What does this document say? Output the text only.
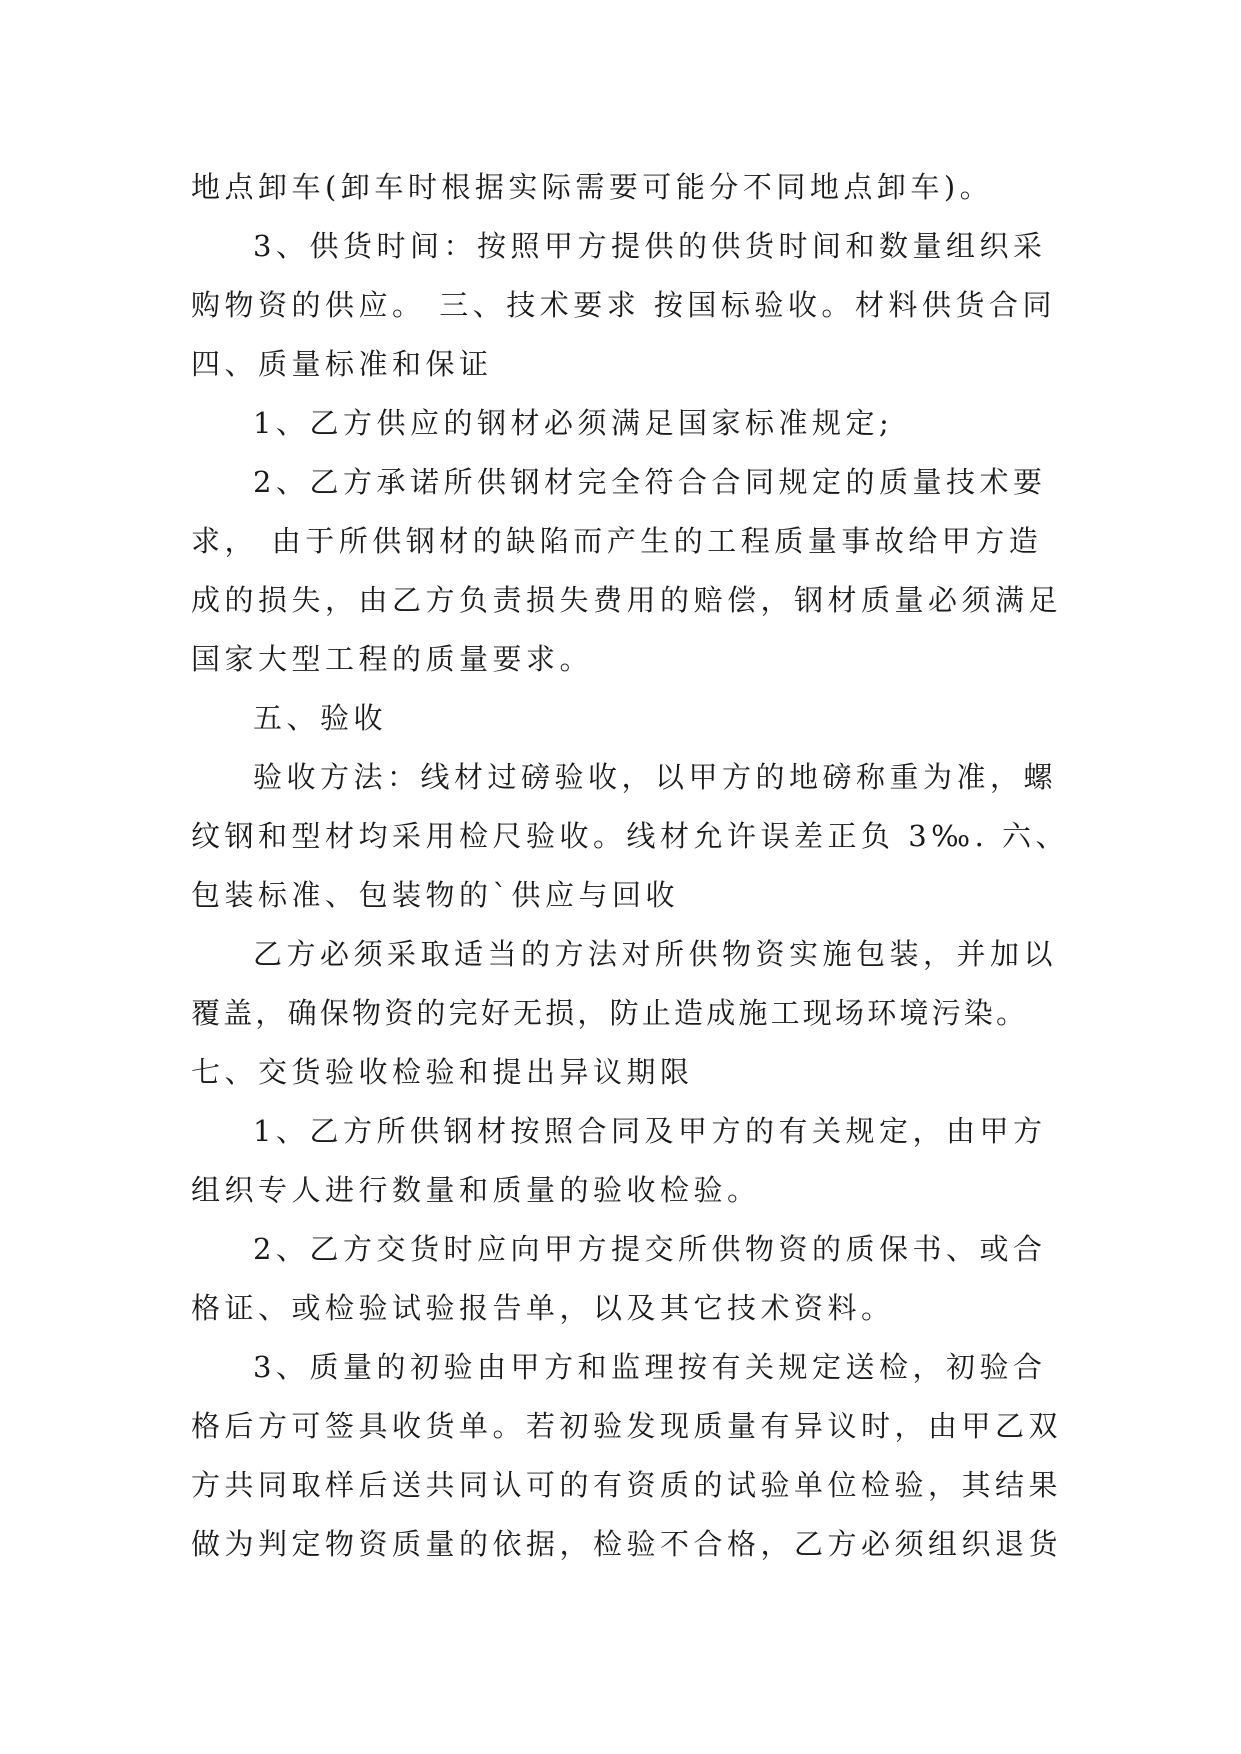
地点卸车(卸车时根据实际需要可能分不同地点卸车)。
3、供货时间：按照甲方提供的供货时间和数量组织采
购物资的供应。 三、技术要求 按国标验收。材料供货合同
四、质量标准和保证
1、乙方供应的钢材必须满足国家标准规定;
2、乙方承诺所供钢材完全符合合同规定的质量技术要
求， 由于所供钢材的缺陷而产生的工程质量事故给甲方造
成的损失，由乙方负责损失费用的赔偿，钢材质量必须满足
国家大型工程的质量要求。
五、验收
验收方法：线材过磅验收，以甲方的地磅称重为准，螺
纹钢和型材均采用检尺验收。线材允许误差正负 3‰. 六、
包装标准、包装物的`供应与回收
乙方必须采取适当的方法对所供物资实施包装，并加以
覆盖，确保物资的完好无损，防止造成施工现场环境污染。
七、交货验收检验和提出异议期限
1、乙方所供钢材按照合同及甲方的有关规定，由甲方
组织专人进行数量和质量的验收检验。
2、乙方交货时应向甲方提交所供物资的质保书、或合
格证、或检验试验报告单，以及其它技术资料。
3、质量的初验由甲方和监理按有关规定送检，初验合
格后方可签具收货单。若初验发现质量有异议时，由甲乙双
方共同取样后送共同认可的有资质的试验单位检验，其结果
做为判定物资质量的依据，检验不合格，乙方必须组织退货
